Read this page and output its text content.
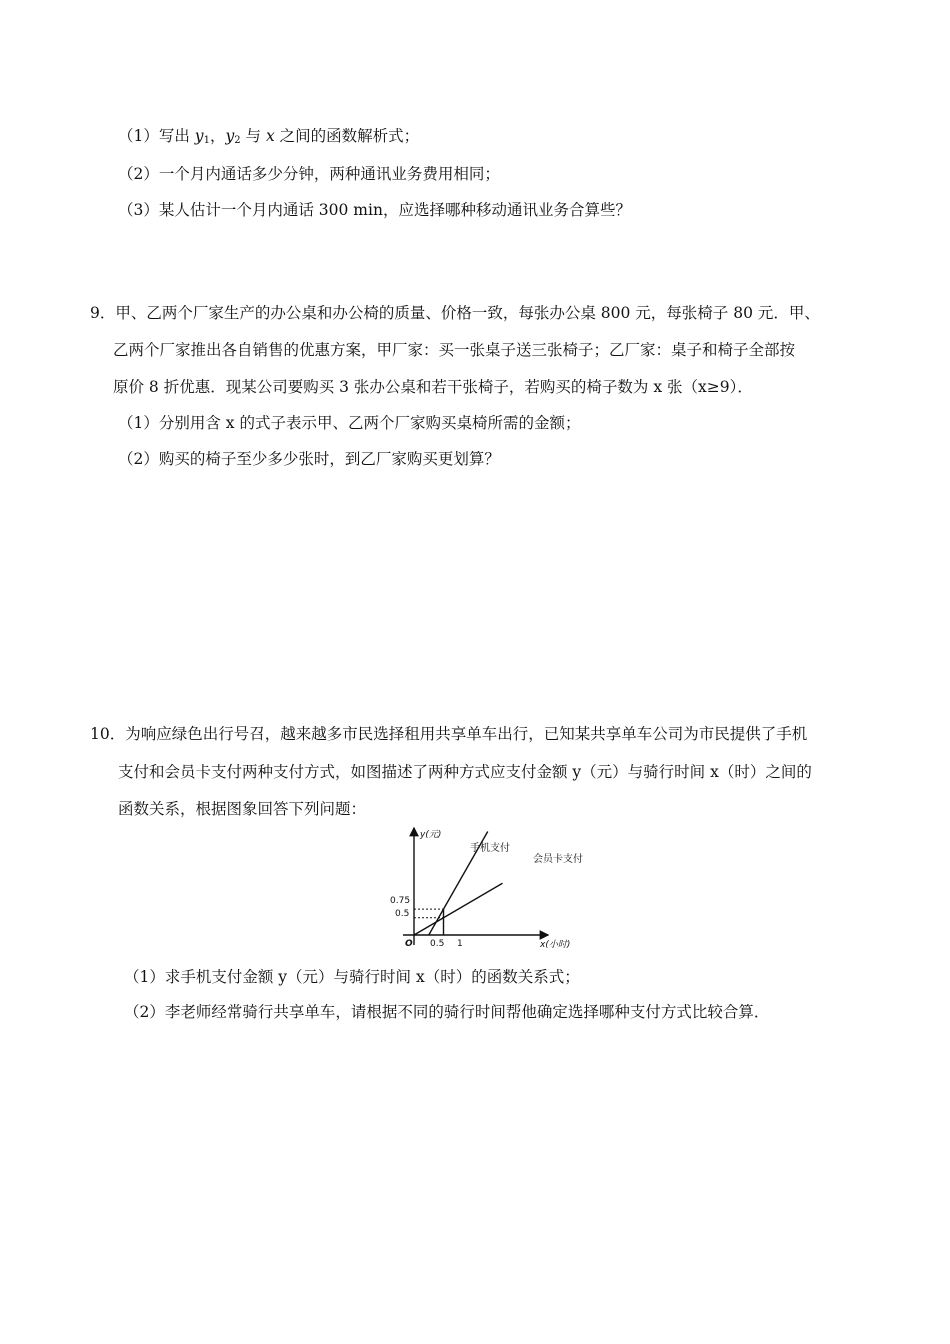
（1）写出 $y_1$，$y_2$ 与 x 之间的函数解析式；
（2）一个月内通话多少分钟，两种通讯业务费用相同；
（3）某人估计一个月内通话 300 min，应选择哪种移动通讯业务合算些？
9．甲、乙两个厂家生产的办公桌和办公椅的质量、价格一致，每张办公桌 800 元，每张椅子 80 元．甲、
乙两个厂家推出各自销售的优惠方案，甲厂家：买一张桌子送三张椅子；乙厂家：桌子和椅子全部按
原价 8 折优惠．现某公司要购买 3 张办公桌和若干张椅子，若购买的椅子数为 x 张（x≥9）．
（1）分别用含 x 的式子表示甲、乙两个厂家购买桌椅所需的金额；
（2）购买的椅子至少多少张时，到乙厂家购买更划算？
10．为响应绿色出行号召，越来越多市民选择租用共享单车出行，已知某共享单车公司为市民提供了手机
支付和会员卡支付两种支付方式，如图描述了两种方式应支付金额 y（元）与骑行时间 x（时）之间的
函数关系，根据图象回答下列问题：
y(元)
x(小时)
O
手机支付
会员卡支付
0.5 1
0.75
0.5
（1）求手机支付金额 y（元）与骑行时间 x（时）的函数关系式；
（2）李老师经常骑行共享单车，请根据不同的骑行时间帮他确定选择哪种支付方式比较合算．
